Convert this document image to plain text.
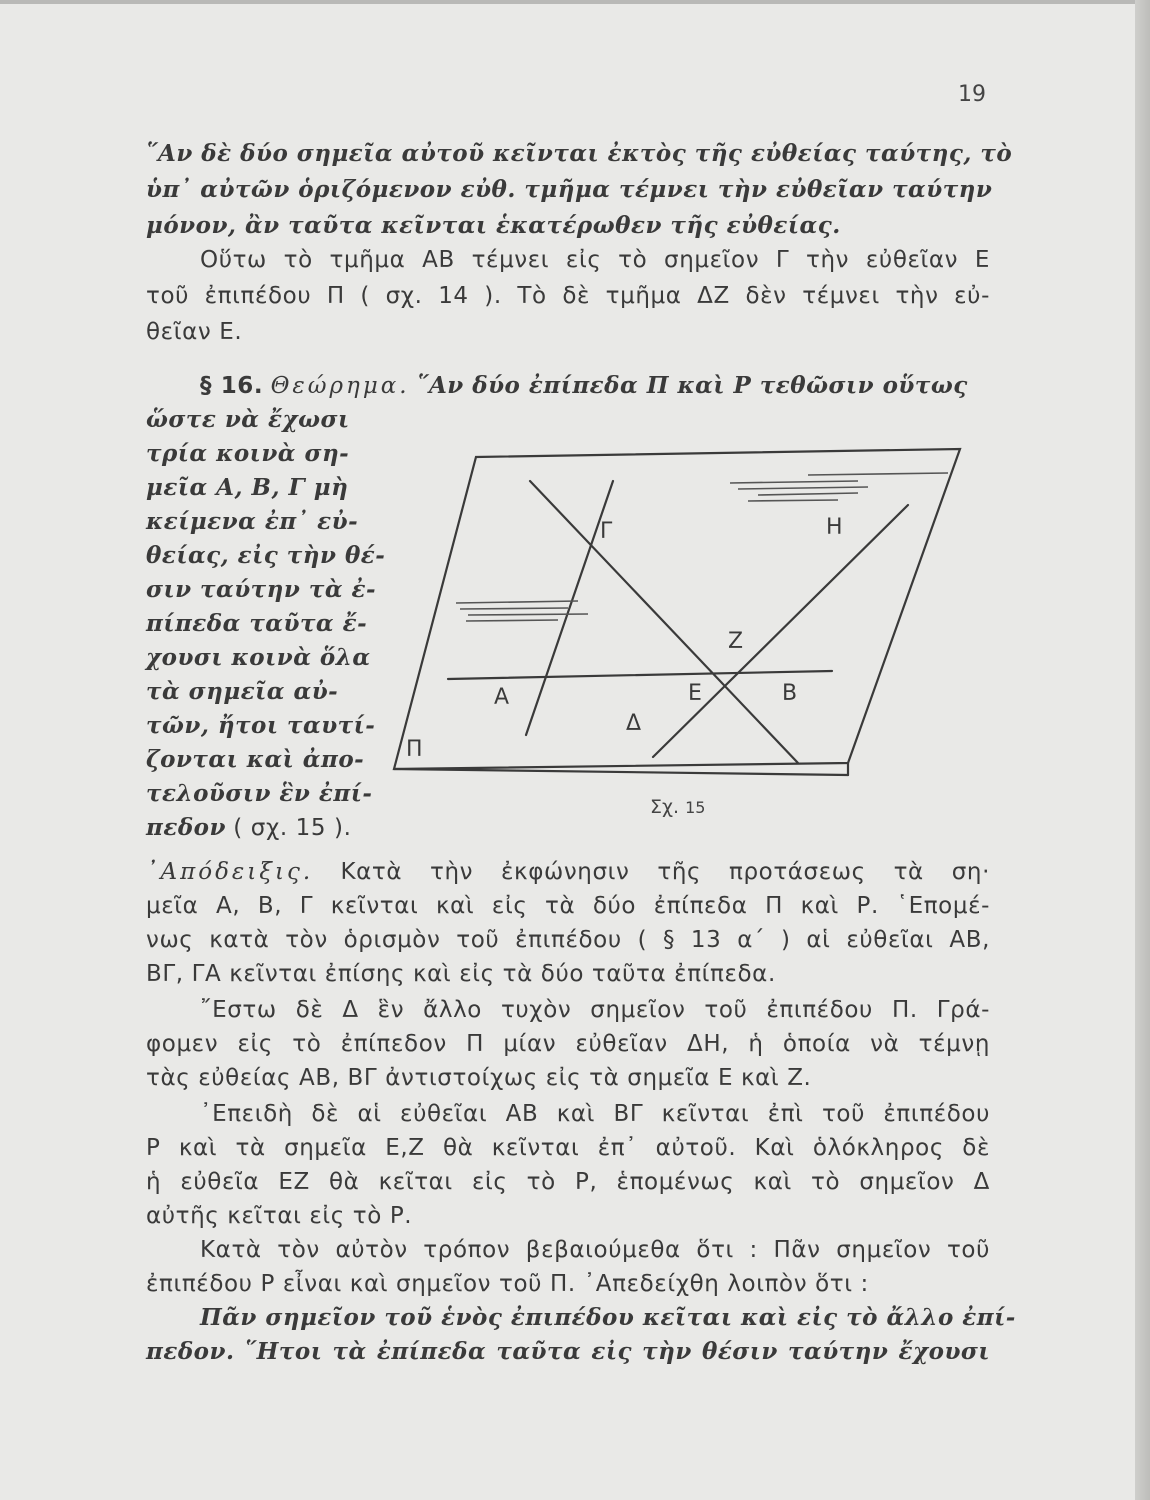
19
῞Αν δὲ δύο σημεῖα αὐτοῦ κεῖνται ἐκτὸς τῆς εὐθείας ταύτης, τὸ
ὑπ᾽ αὐτῶν ὁριζόμενον εὐθ. τμῆμα τέμνει τὴν εὐθεῖαν ταύτην
μόνον, ἂν ταῦτα κεῖνται ἑκατέρωθεν τῆς εὐθείας.
Οὕτω τὸ τμῆμα ΑΒ τέμνει εἰς τὸ σημεῖον Γ τὴν εὐθεῖαν Ε
τοῦ ἐπιπέδου Π ( σχ. 14 ). Τὸ δὲ τμῆμα ΔΖ δὲν τέμνει τὴν εὐ-
θεῖαν Ε.
§ 16. Θεώρημα. ῞Αν δύο ἐπίπεδα Π καὶ Ρ τεθῶσιν οὕτως
ὥστε νὰ ἔχωσι
τρία κοινὰ ση-
μεῖα Α, Β, Γ μὴ
κείμενα ἐπ᾽ εὐ-
θείας, εἰς τὴν θέ-
σιν ταύτην τὰ ἐ-
πίπεδα ταῦτα ἔ-
χουσι κοινὰ ὅλα
τὰ σημεῖα αὐ-
τῶν, ἤτοι ταυτί-
ζονται καὶ ἀπο-
τελοῦσιν ἓν ἐπί-
πεδον ( σχ. 15 ).
Γ	Η
Ζ
Α	Ε	Β
Δ
Π
Σχ. 15
᾿Απόδειξις. Κατὰ τὴν ἐκφώνησιν τῆς προτάσεως τὰ ση·
μεῖα Α, Β, Γ κεῖνται καὶ εἰς τὰ δύο ἐπίπεδα Π καὶ Ρ. ῾Επομέ-
νως κατὰ τὸν ὁρισμὸν τοῦ ἐπιπέδου ( § 13 α΄ ) αἱ εὐθεῖαι ΑΒ,
ΒΓ, ΓΑ κεῖνται ἐπίσης καὶ εἰς τὰ δύο ταῦτα ἐπίπεδα.
῎Εστω δὲ Δ ἓν ἄλλο τυχὸν σημεῖον τοῦ ἐπιπέδου Π. Γρά-
φομεν εἰς τὸ ἐπίπεδον Π μίαν εὐθεῖαν ΔΗ, ἡ ὁποία νὰ τέμνῃ
τὰς εὐθείας ΑΒ, ΒΓ ἀντιστοίχως εἰς τὰ σημεῖα Ε καὶ Ζ.
᾿Επειδὴ δὲ αἱ εὐθεῖαι ΑΒ καὶ ΒΓ κεῖνται ἐπὶ τοῦ ἐπιπέδου
Ρ καὶ τὰ σημεῖα Ε,Ζ θὰ κεῖνται ἐπ᾽ αὐτοῦ. Καὶ ὁλόκληρος δὲ
ἡ εὐθεῖα ΕΖ θὰ κεῖται εἰς τὸ Ρ, ἑπομένως καὶ τὸ σημεῖον Δ
αὐτῆς κεῖται εἰς τὸ Ρ.
Κατὰ τὸν αὐτὸν τρόπον βεβαιούμεθα ὅτι : Πᾶν σημεῖον τοῦ
ἐπιπέδου Ρ εἶναι καὶ σημεῖον τοῦ Π. ᾿Απεδείχθη λοιπὸν ὅτι :
Πᾶν σημεῖον τοῦ ἑνὸς ἐπιπέδου κεῖται καὶ εἰς τὸ ἄλλο ἐπί-
πεδον. ῞Ητοι τὰ ἐπίπεδα ταῦτα εἰς τὴν θέσιν ταύτην ἔχουσι
